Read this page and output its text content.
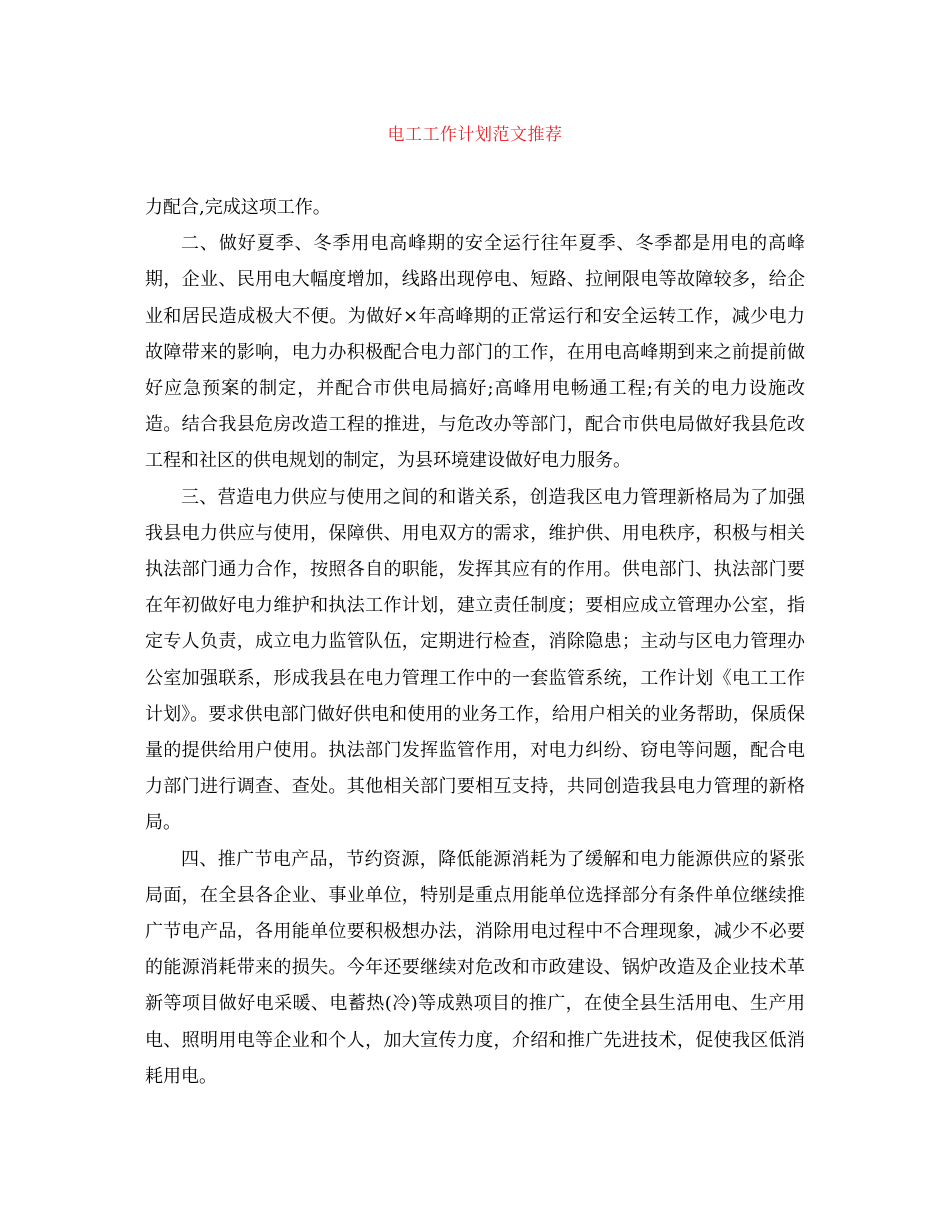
电工工作计划范文推荐

力配合,完成这项工作。

二、做好夏季、冬季用电高峰期的安全运行往年夏季、冬季都是用电的高峰期，企业、民用电大幅度增加，线路出现停电、短路、拉闸限电等故障较多，给企业和居民造成极大不便。为做好×年高峰期的正常运行和安全运转工作，减少电力故障带来的影响，电力办积极配合电力部门的工作，在用电高峰期到来之前提前做好应急预案的制定，并配合市供电局搞好;高峰用电畅通工程;有关的电力设施改造。结合我县危房改造工程的推进，与危改办等部门，配合市供电局做好我县危改工程和社区的供电规划的制定，为县环境建设做好电力服务。

三、营造电力供应与使用之间的和谐关系，创造我区电力管理新格局为了加强我县电力供应与使用，保障供、用电双方的需求，维护供、用电秩序，积极与相关执法部门通力合作，按照各自的职能，发挥其应有的作用。供电部门、执法部门要在年初做好电力维护和执法工作计划，建立责任制度；要相应成立管理办公室，指定专人负责，成立电力监管队伍，定期进行检查，消除隐患；主动与区电力管理办公室加强联系，形成我县在电力管理工作中的一套监管系统，工作计划《电工工作计划》。要求供电部门做好供电和使用的业务工作，给用户相关的业务帮助，保质保量的提供给用户使用。执法部门发挥监管作用，对电力纠纷、窃电等问题，配合电力部门进行调查、查处。其他相关部门要相互支持，共同创造我县电力管理的新格局。

四、推广节电产品，节约资源，降低能源消耗为了缓解和电力能源供应的紧张局面，在全县各企业、事业单位，特别是重点用能单位选择部分有条件单位继续推广节电产品，各用能单位要积极想办法，消除用电过程中不合理现象，减少不必要的能源消耗带来的损失。今年还要继续对危改和市政建设、锅炉改造及企业技术革新等项目做好电采暖、电蓄热(冷)等成熟项目的推广，在使全县生活用电、生产用电、照明用电等企业和个人，加大宣传力度，介绍和推广先进技术，促使我区低消耗用电。
